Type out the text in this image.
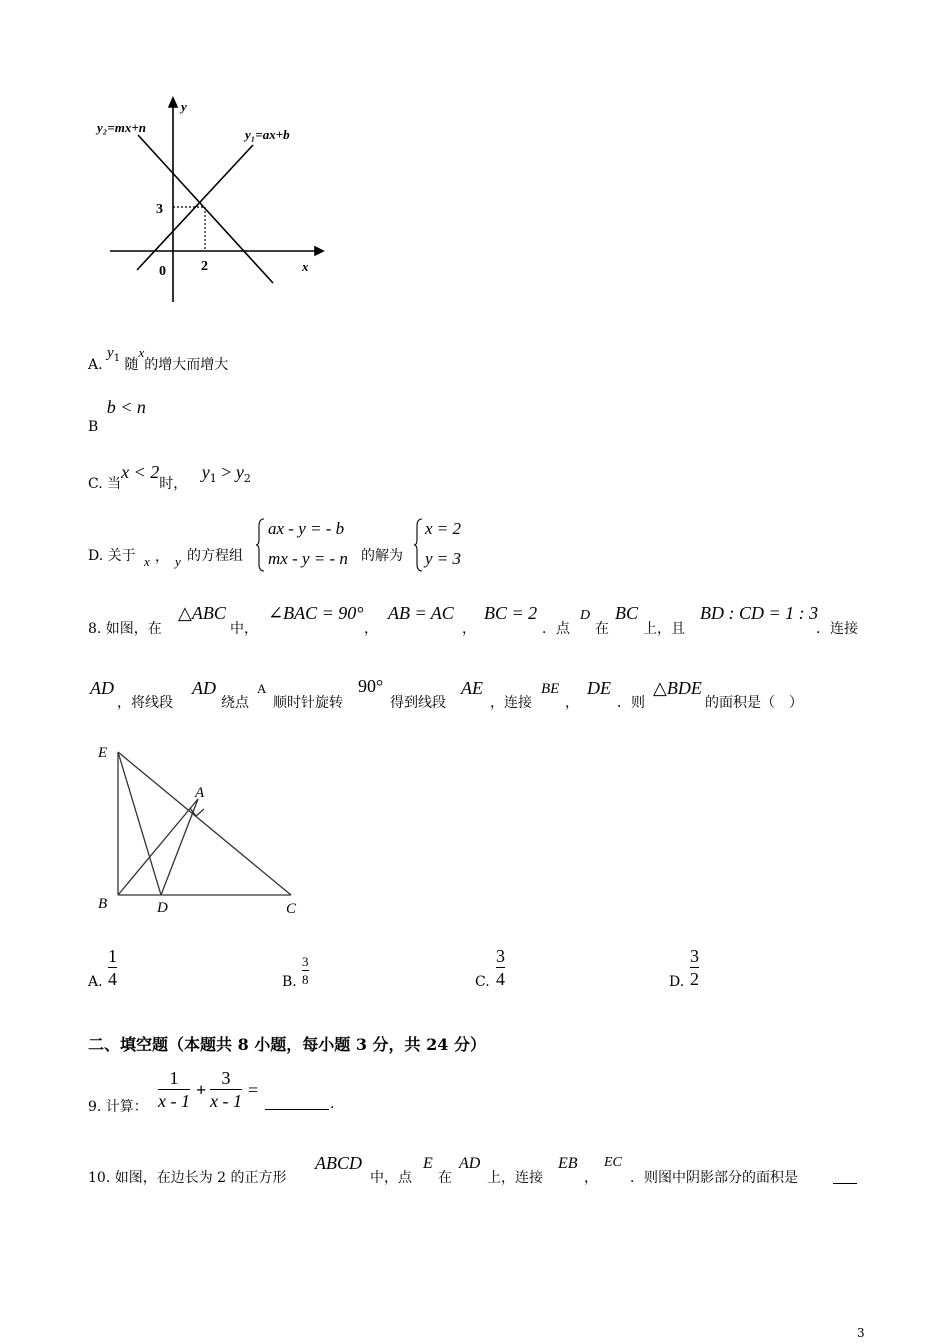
y₂=mx+n	y₁=ax+b
y
x
3
2
0
A. $y_1$ 随x的增大而增大
B b < n
C. 当x < 2时， $y_1 > y_2$
D. 关于 x ， y 的方程组
ax - y = - b
mx - y = - n 的解为
x = 2
y = 3
8. 如图，在
△ABC
中，
∠BAC = 90°
，
AB = AC
，
BC = 2
．点
D
在
BC
上，且
BD : CD = 1 : 3
．连接
AD
，将线段
AD
绕点
A
顺时针旋转
90°
得到线段
AE
，连接
BE
，
DE
．则
△BDE
的面积是（　）
E
A
B	D	C
A.
1
4	B.
3
8	C.
3
4	D.
3
2
二、填空题（本题共 8 小题，每小题 3 分，共 24 分）
9. 计算：
1
x - 1
+
3
x - 1
=
.
10. 如图，在边长为 2 的正方形
ABCD
中，点
E
在
AD
上，连接
EB
，
EC
．则图中阴影部分的面积是
3
